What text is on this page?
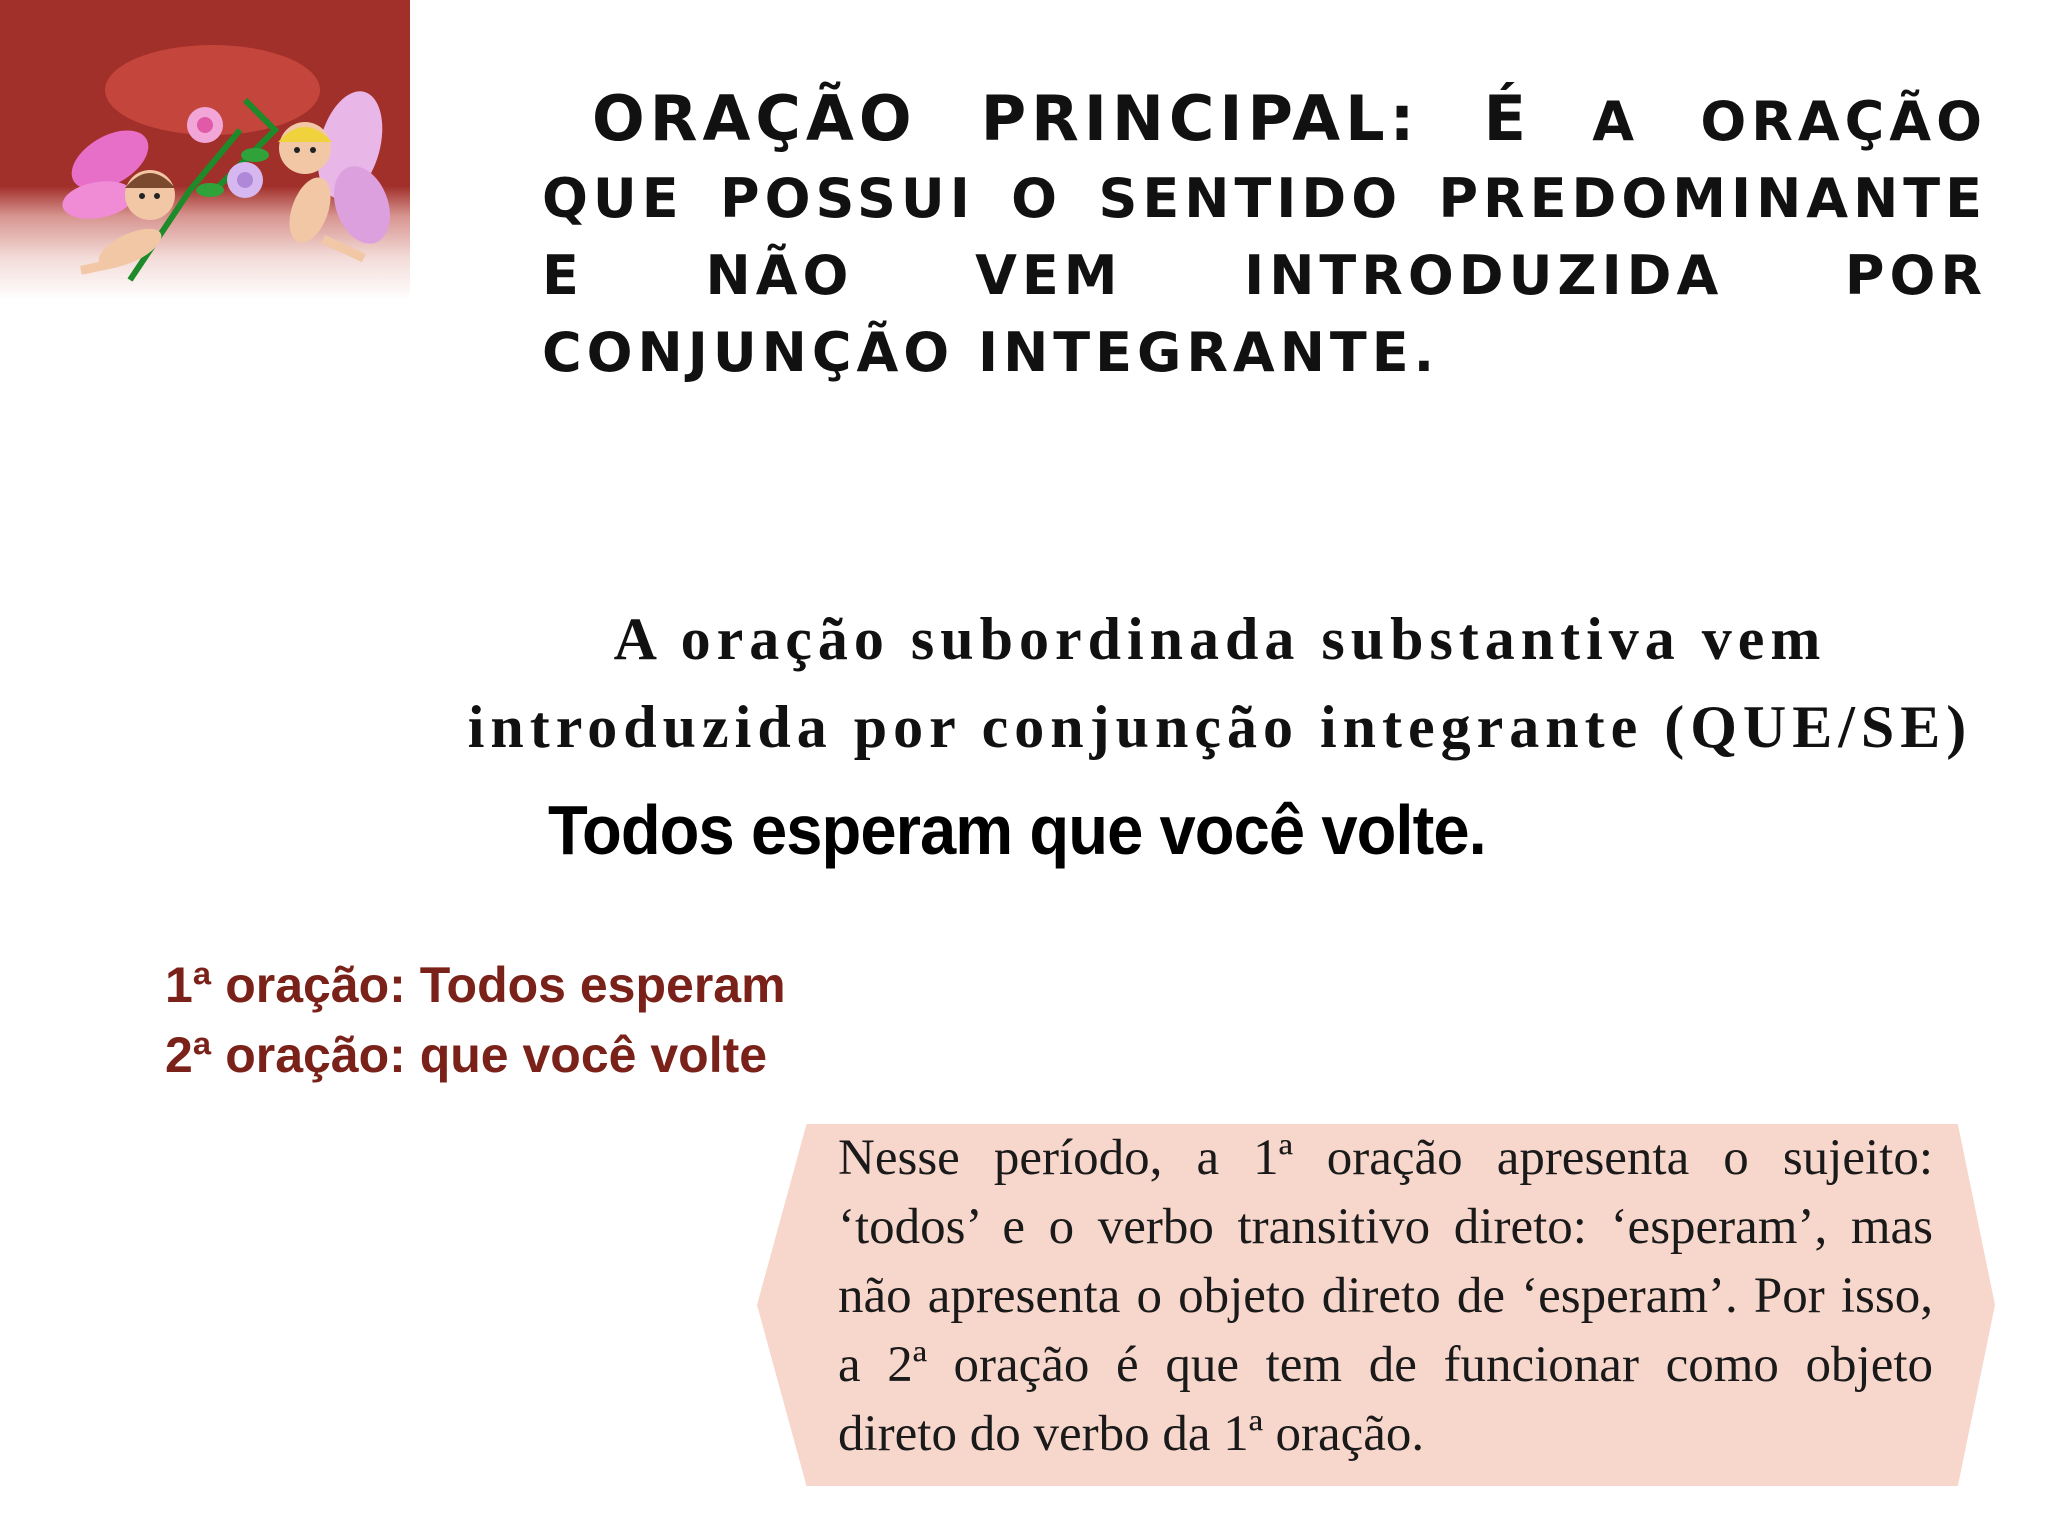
ORAÇÃO PRINCIPAL: É A ORAÇÃO QUE POSSUI O SENTIDO PREDOMINANTE E NÃO VEM INTRODUZIDA POR CONJUNÇÃO INTEGRANTE.
A oração subordinada substantiva vem introduzida por conjunção integrante (QUE/SE)
Todos esperam que você volte.
1ª oração: Todos esperam
2ª oração: que você volte
Nesse período, a 1ª oração apresenta o sujeito: ‘todos’ e o verbo transitivo direto: ‘esperam’, mas não apresenta o objeto direto de ‘esperam’. Por isso, a 2ª oração é que tem de funcionar como objeto direto do verbo da 1ª oração.
